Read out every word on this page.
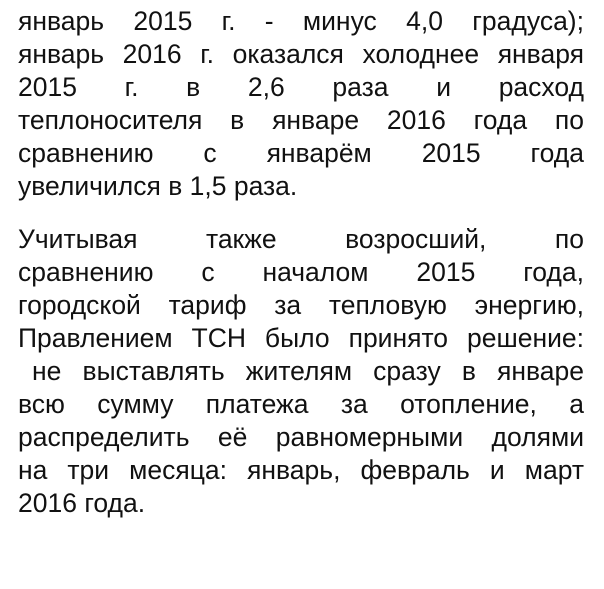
январь 2015 г. - минус 4,0 градуса);
январь 2016 г. оказался холоднее января
2015 г. в 2,6 раза и расход
теплоносителя в январе 2016 года по
сравнению с январём 2015 года
увеличился в 1,5 раза.
Учитывая также возросший, по
сравнению с началом 2015 года,
городской тариф за тепловую энергию,
Правлением ТСН было принято решение:
не выставлять жителям сразу в январе
всю сумму платежа за отопление, а
распределить её равномерными долями
на три месяца: январь, февраль и март
2016 года.
